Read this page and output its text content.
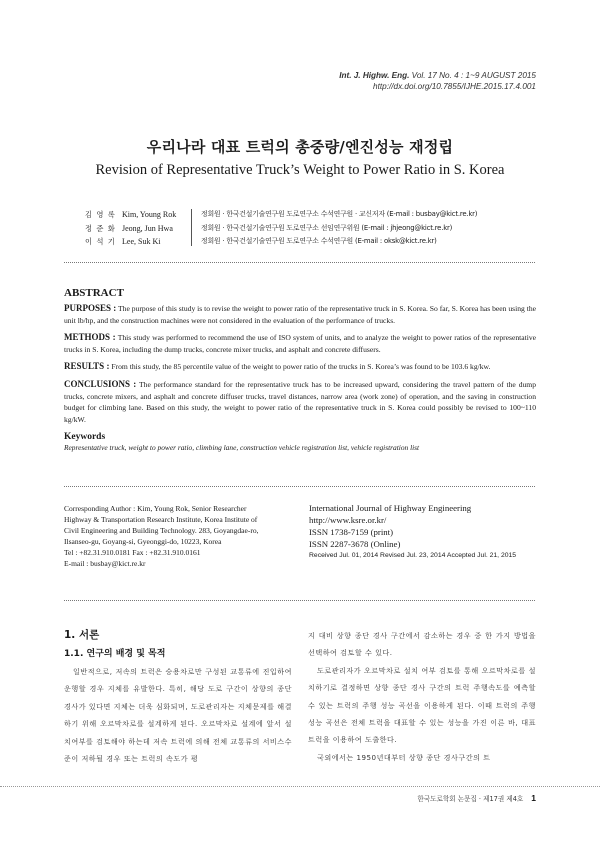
Int. J. Highw. Eng. Vol. 17 No. 4 : 1~9 AUGUST 2015
http://dx.doi.org/10.7855/IJHE.2015.17.4.001
우리나라 대표 트럭의 총중량/엔진성능 재정립
Revision of Representative Truck’s Weight to Power Ratio in S. Korea
김 영 록 Kim, Young Rok	정회원 · 한국건설기술연구원 도로연구소 수석연구원 · 교신저자 (E-mail : busbay@kict.re.kr)
정 준 화 Jeong, Jun Hwa	정회원 · 한국건설기술연구원 도로연구소 선임연구위원 (E-mail : jhjeong@kict.re.kr)
이 석 기 Lee, Suk Ki	정회원 · 한국건설기술연구원 도로연구소 수석연구원 (E-mail : oksk@kict.re.kr)
ABSTRACT

PURPOSES : The purpose of this study is to revise the weight to power ratio of the representative truck in S. Korea. So far, S. Korea has been using the unit lb/hp, and the construction machines were not considered in the evaluation of the performance of trucks.

METHODS : This study was performed to recommend the use of ISO system of units, and to analyze the weight to power ratios of the representative trucks in S. Korea, including the dump trucks, concrete mixer trucks, and asphalt and concrete diffusers.

RESULTS : From this study, the 85 percentile value of the weight to power ratio of the trucks in S. Korea’s was found to be 103.6 kg/kw.

CONCLUSIONS : The performance standard for the representative truck has to be increased upward, considering the travel pattern of the dump trucks, concrete mixers, and asphalt and concrete diffuser trucks, travel distances, narrow area (work zone) of operation, and the saving in construction budget for climbing lane. Based on this study, the weight to power ratio of the representative truck in S. Korea could possibly be revised to 100~110 kg/kW.

Keywords
Representative truck, weight to power ratio, climbing lane, construction vehicle registration list, vehicle registration list
Corresponding Author : Kim, Young Rok, Senior Researcher
Highway & Transportation Research Institute, Korea Institute of
Civil Engineering and Building Technology. 283, Goyangdae-ro,
Ilsanseo-gu, Goyang-si, Gyeonggi-do, 10223, Korea
Tel : +82.31.910.0181 Fax : +82.31.910.0161
E-mail : busbay@kict.re.kr
International Journal of Highway Engineering
http://www.ksre.or.kr/
ISSN 1738-7159 (print)
ISSN 2287-3678 (Online)
Received Jul. 01, 2014 Revised Jul. 23, 2014 Accepted Jul. 21, 2015
1. 서론
1.1. 연구의 배경 및 목적

일반적으로, 저속의 트럭은 승용차로만 구성된 교통류에 진입하여 운행할 경우 지체를 유발한다. 특히, 해당 도로 구간이 상향의 종단 경사가 있다면 지체는 더욱 심화되며, 도로관리자는 지체문제를 해결하기 위해 오르막차로를 설계하게 된다. 오르막차로 설계에 앞서 설치여부를 검토해야 하는데 저속 트럭에 의해 전체 교통류의 서비스수준이 저하될 경우 또는 트럭의 속도가 평

지 대비 상향 종단 경사 구간에서 감소하는 경우 중 한 가지 방법을 선택하여 검토할 수 있다.

도로관리자가 오르막차로 설치 여부 검토를 통해 오르막차로를 설치하기로 결정하면 상향 종단 경사 구간의 트럭 주행속도를 예측할 수 있는 트럭의 주행 성능 곡선을 이용하게 된다. 이때 트럭의 주행 성능 곡선은 전체 트럭을 대표할 수 있는 성능을 가진 이른 바, 대표 트럭을 이용하여 도출한다.

국외에서는 1950년대부터 상향 종단 경사구간의 트

한국도로학회 논문집 · 제17권 제4호 1
